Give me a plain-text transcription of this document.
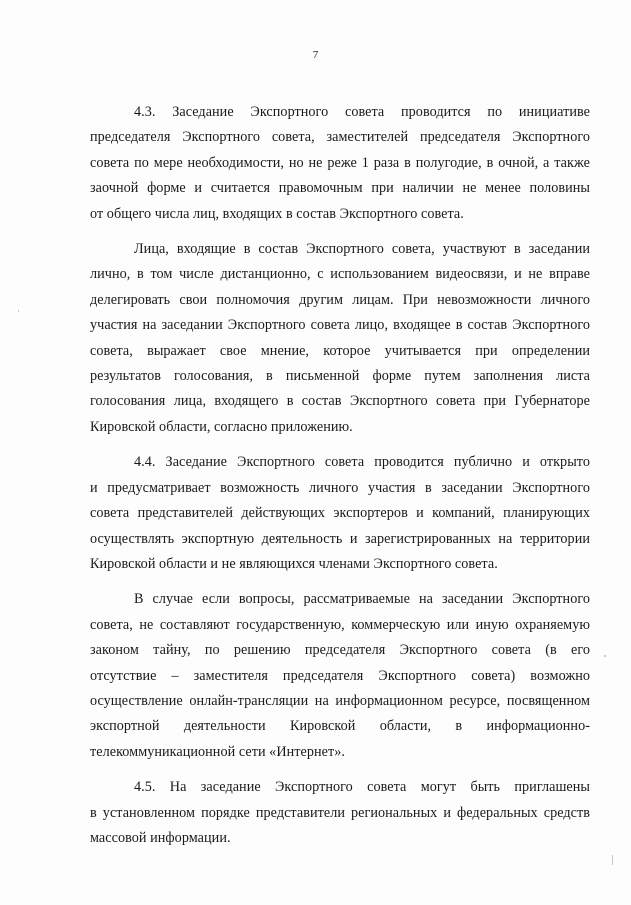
7
4.3. Заседание Экспортного совета проводится по инициативе
председателя Экспортного совета, заместителей председателя Экспортного
совета по мере необходимости, но не реже 1 раза в полугодие, в очной, а также
заочной форме и считается правомочным при наличии не менее половины
от общего числа лиц, входящих в состав Экспортного совета.
Лица, входящие в состав Экспортного совета, участвуют в заседании
лично, в том числе дистанционно, с использованием видеосвязи, и не вправе
делегировать свои полномочия другим лицам. При невозможности личного
участия на заседании Экспортного совета лицо, входящее в состав Экспортного
совета, выражает свое мнение, которое учитывается при определении
результатов голосования, в письменной форме путем заполнения листа
голосования лица, входящего в состав Экспортного совета при Губернаторе
Кировской области, согласно приложению.
4.4. Заседание Экспортного совета проводится публично и открыто
и предусматривает возможность личного участия в заседании Экспортного
совета представителей действующих экспортеров и компаний, планирующих
осуществлять экспортную деятельность и зарегистрированных на территории
Кировской области и не являющихся членами Экспортного совета.
В случае если вопросы, рассматриваемые на заседании Экспортного
совета, не составляют государственную, коммерческую или иную охраняемую
законом тайну, по решению председателя Экспортного совета (в его
отсутствие – заместителя председателя Экспортного совета) возможно
осуществление онлайн-трансляции на информационном ресурсе, посвященном
экспортной деятельности Кировской области, в информационно-
телекоммуникационной сети «Интернет».
4.5. На заседание Экспортного совета могут быть приглашены
в установленном порядке представители региональных и федеральных средств
массовой информации.
